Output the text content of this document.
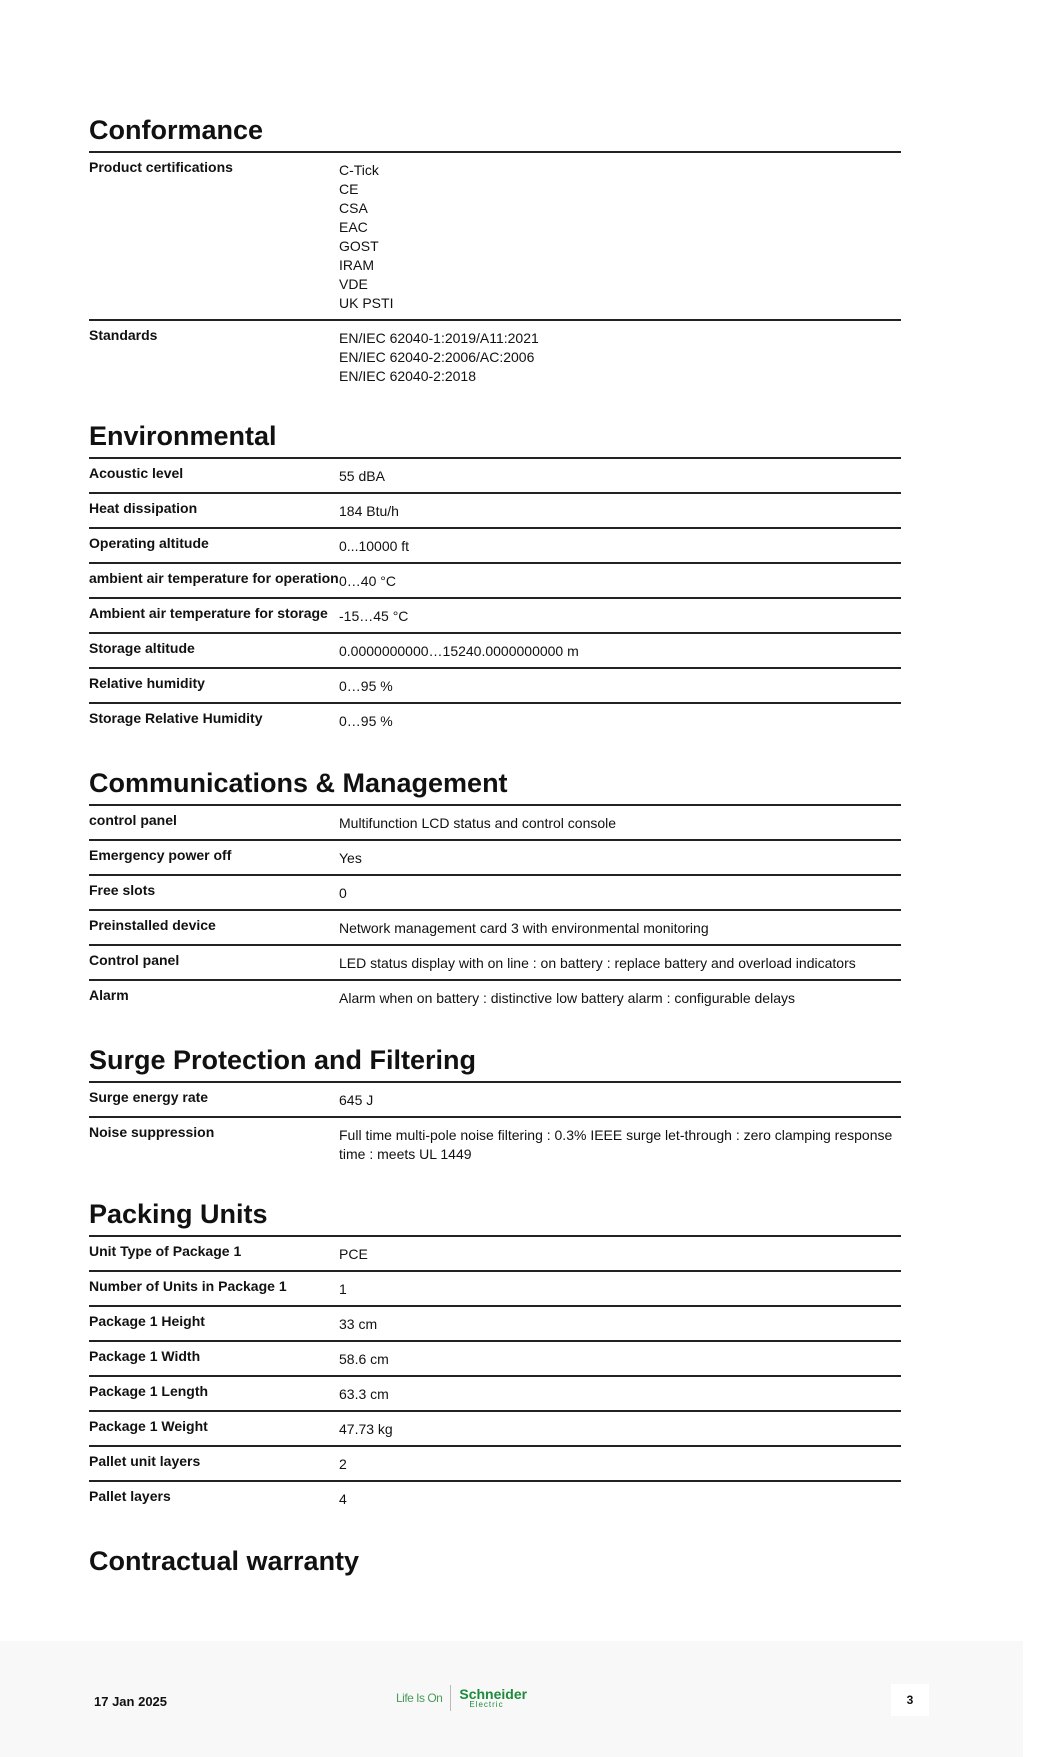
Conformance
Product certifications	C-Tick
CE
CSA
EAC
GOST
IRAM
VDE
UK PSTI
Standards	EN/IEC 62040-1:2019/A11:2021
EN/IEC 62040-2:2006/AC:2006
EN/IEC 62040-2:2018
Environmental
Acoustic level	55 dBA
Heat dissipation	184 Btu/h
Operating altitude	0...10000 ft
ambient air temperature for operation 0…40 °C
Ambient air temperature for storage -15…45 °C
Storage altitude	0.0000000000…15240.0000000000 m
Relative humidity	0…95 %
Storage Relative Humidity	0…95 %
Communications & Management
control panel	Multifunction LCD status and control console
Emergency power off	Yes
Free slots	0
Preinstalled device	Network management card 3 with environmental monitoring
Control panel	LED status display with on line : on battery : replace battery and overload indicators
Alarm	Alarm when on battery : distinctive low battery alarm : configurable delays
Surge Protection and Filtering
Surge energy rate	645 J
Noise suppression	Full time multi-pole noise filtering : 0.3% IEEE surge let-through : zero clamping response time : meets UL 1449
Packing Units
Unit Type of Package 1	PCE
Number of Units in Package 1	1
Package 1 Height	33 cm
Package 1 Width	58.6 cm
Package 1 Length	63.3 cm
Package 1 Weight	47.73 kg
Pallet unit layers	2
Pallet layers	4
Contractual warranty
17 Jan 2025	Life Is On Schneider
Electric	3
